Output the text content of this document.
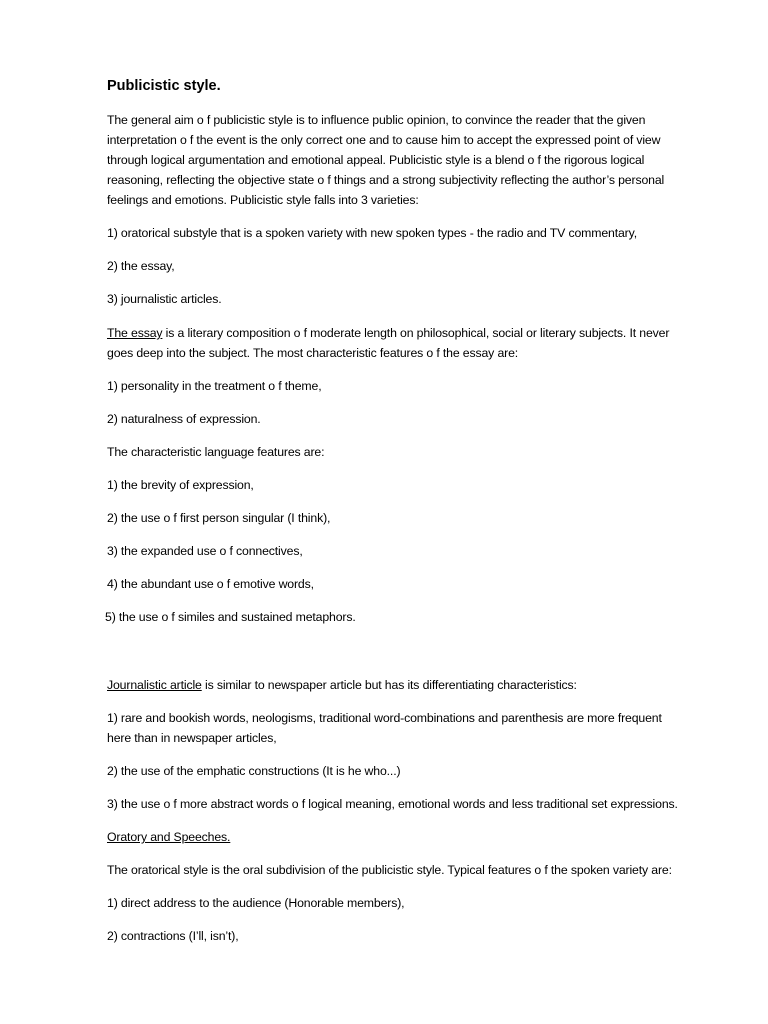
Publicistic style.
The general aim o f publicistic style is to influence public opinion, to convince the reader that the given
interpretation o f the event is the only correct one and to cause him to accept the expressed point of view
through logical argumentation and emotional appeal. Publicistic style is a blend o f the rigorous logical
reasoning, reflecting the objective state o f things and a strong subjectivity reflecting the author’s personal
feelings and emotions. Publicistic style falls into 3 varieties:
1) oratorical substyle that is a spoken variety with new spoken types - the radio and TV commentary,
2) the essay,
3) journalistic articles.
The essay is a literary composition o f moderate length on philosophical, social or literary subjects. It never
goes deep into the subject. The most characteristic features o f the essay are:
1) personality in the treatment o f theme,
2) naturalness of expression.
The characteristic language features are:
1) the brevity of expression,
2) the use o f first person singular (I think),
3) the expanded use o f connectives,
4) the abundant use o f emotive words,
5) the use o f similes and sustained metaphors.
Journalistic article is similar to newspaper article but has its differentiating characteristics:
1) rare and bookish words, neologisms, traditional word-combinations and parenthesis are more frequent
here than in newspaper articles,
2) the use of the emphatic constructions (It is he who...)
3) the use o f more abstract words o f logical meaning, emotional words and less traditional set expressions.
Oratory and Speeches.
The oratorical style is the oral subdivision of the publicistic style. Typical features o f the spoken variety are:
1) direct address to the audience (Honorable members),
2) contractions (I’ll, isn’t),
